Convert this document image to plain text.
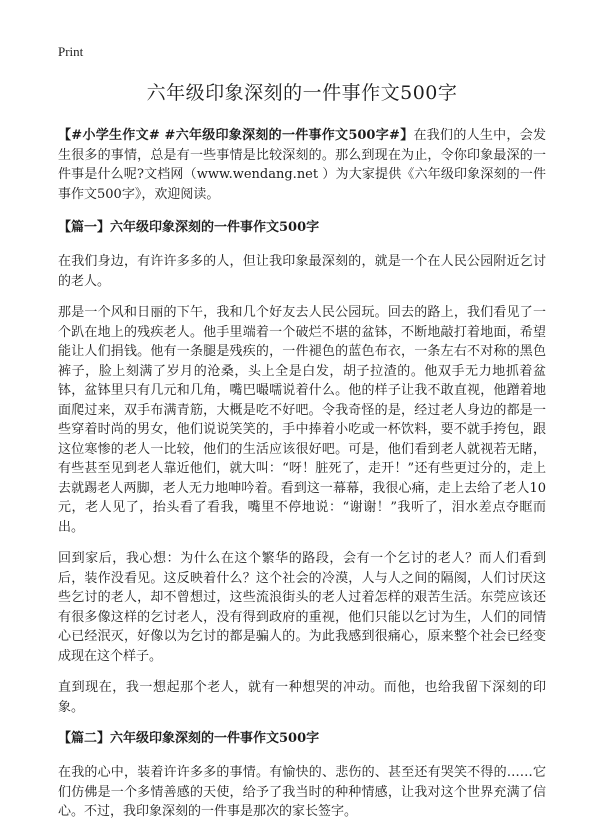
Print

六年级印象深刻的一件事作文500字

【#小学生作文# #六年级印象深刻的一件事作文500字#】在我们的人生中，会发生很多的事情，总是有一些事情是比较深刻的。那么到现在为止，令你印象最深的一件事是什么呢?文档网（www.wendang.net ）为大家提供《六年级印象深刻的一件事作文500字》，欢迎阅读。

【篇一】六年级印象深刻的一件事作文500字

在我们身边，有许许多多的人，但让我印象最深刻的，就是一个在人民公园附近乞讨的老人。

那是一个风和日丽的下午，我和几个好友去人民公园玩。回去的路上，我们看见了一个趴在地上的残疾老人。他手里端着一个破烂不堪的盆钵，不断地敲打着地面，希望能让人们捐钱。他有一条腿是残疾的，一件褪色的蓝色布衣，一条左右不对称的黑色裤子，脸上刻满了岁月的沧桑，头上全是白发，胡子拉渣的。他双手无力地抓着盆钵，盆钵里只有几元和几角，嘴巴嘬嚅说着什么。他的样子让我不敢直视，他蹭着地面爬过来，双手布满青筋，大概是吃不好吧。令我奇怪的是，经过老人身边的都是一些穿着时尚的男女，他们说说笑笑的，手中捧着小吃或一杯饮料，要不就手挎包，跟这位寒惨的老人一比较，他们的生活应该很好吧。可是，他们看到老人就视若无睹，有些甚至见到老人靠近他们，就大叫：“呀！脏死了，走开！”还有些更过分的，走上去就踢老人两脚，老人无力地呻吟着。看到这一幕幕，我很心痛，走上去给了老人10元，老人见了，抬头看了看我，嘴里不停地说：“谢谢！”我听了，泪水差点夺眶而出。

回到家后，我心想：为什么在这个繁华的路段，会有一个乞讨的老人？而人们看到后，装作没看见。这反映着什么？这个社会的冷漠，人与人之间的隔阂，人们讨厌这些乞讨的老人，却不曾想过，这些流浪街头的老人过着怎样的艰苦生活。东莞应该还有很多像这样的乞讨老人，没有得到政府的重视，他们只能以乞讨为生，人们的同情心已经泯灭，好像以为乞讨的都是骗人的。为此我感到很痛心，原来整个社会已经变成现在这个样子。

直到现在，我一想起那个老人，就有一种想哭的冲动。而他，也给我留下深刻的印象。

【篇二】六年级印象深刻的一件事作文500字

在我的心中，装着许许多多的事情。有愉快的、悲伤的、甚至还有哭笑不得的……它们仿佛是一个多情善感的天使，给予了我当时的种种情感，让我对这个世界充满了信心。不过，我印象深刻的一件事是那次的家长签字。
